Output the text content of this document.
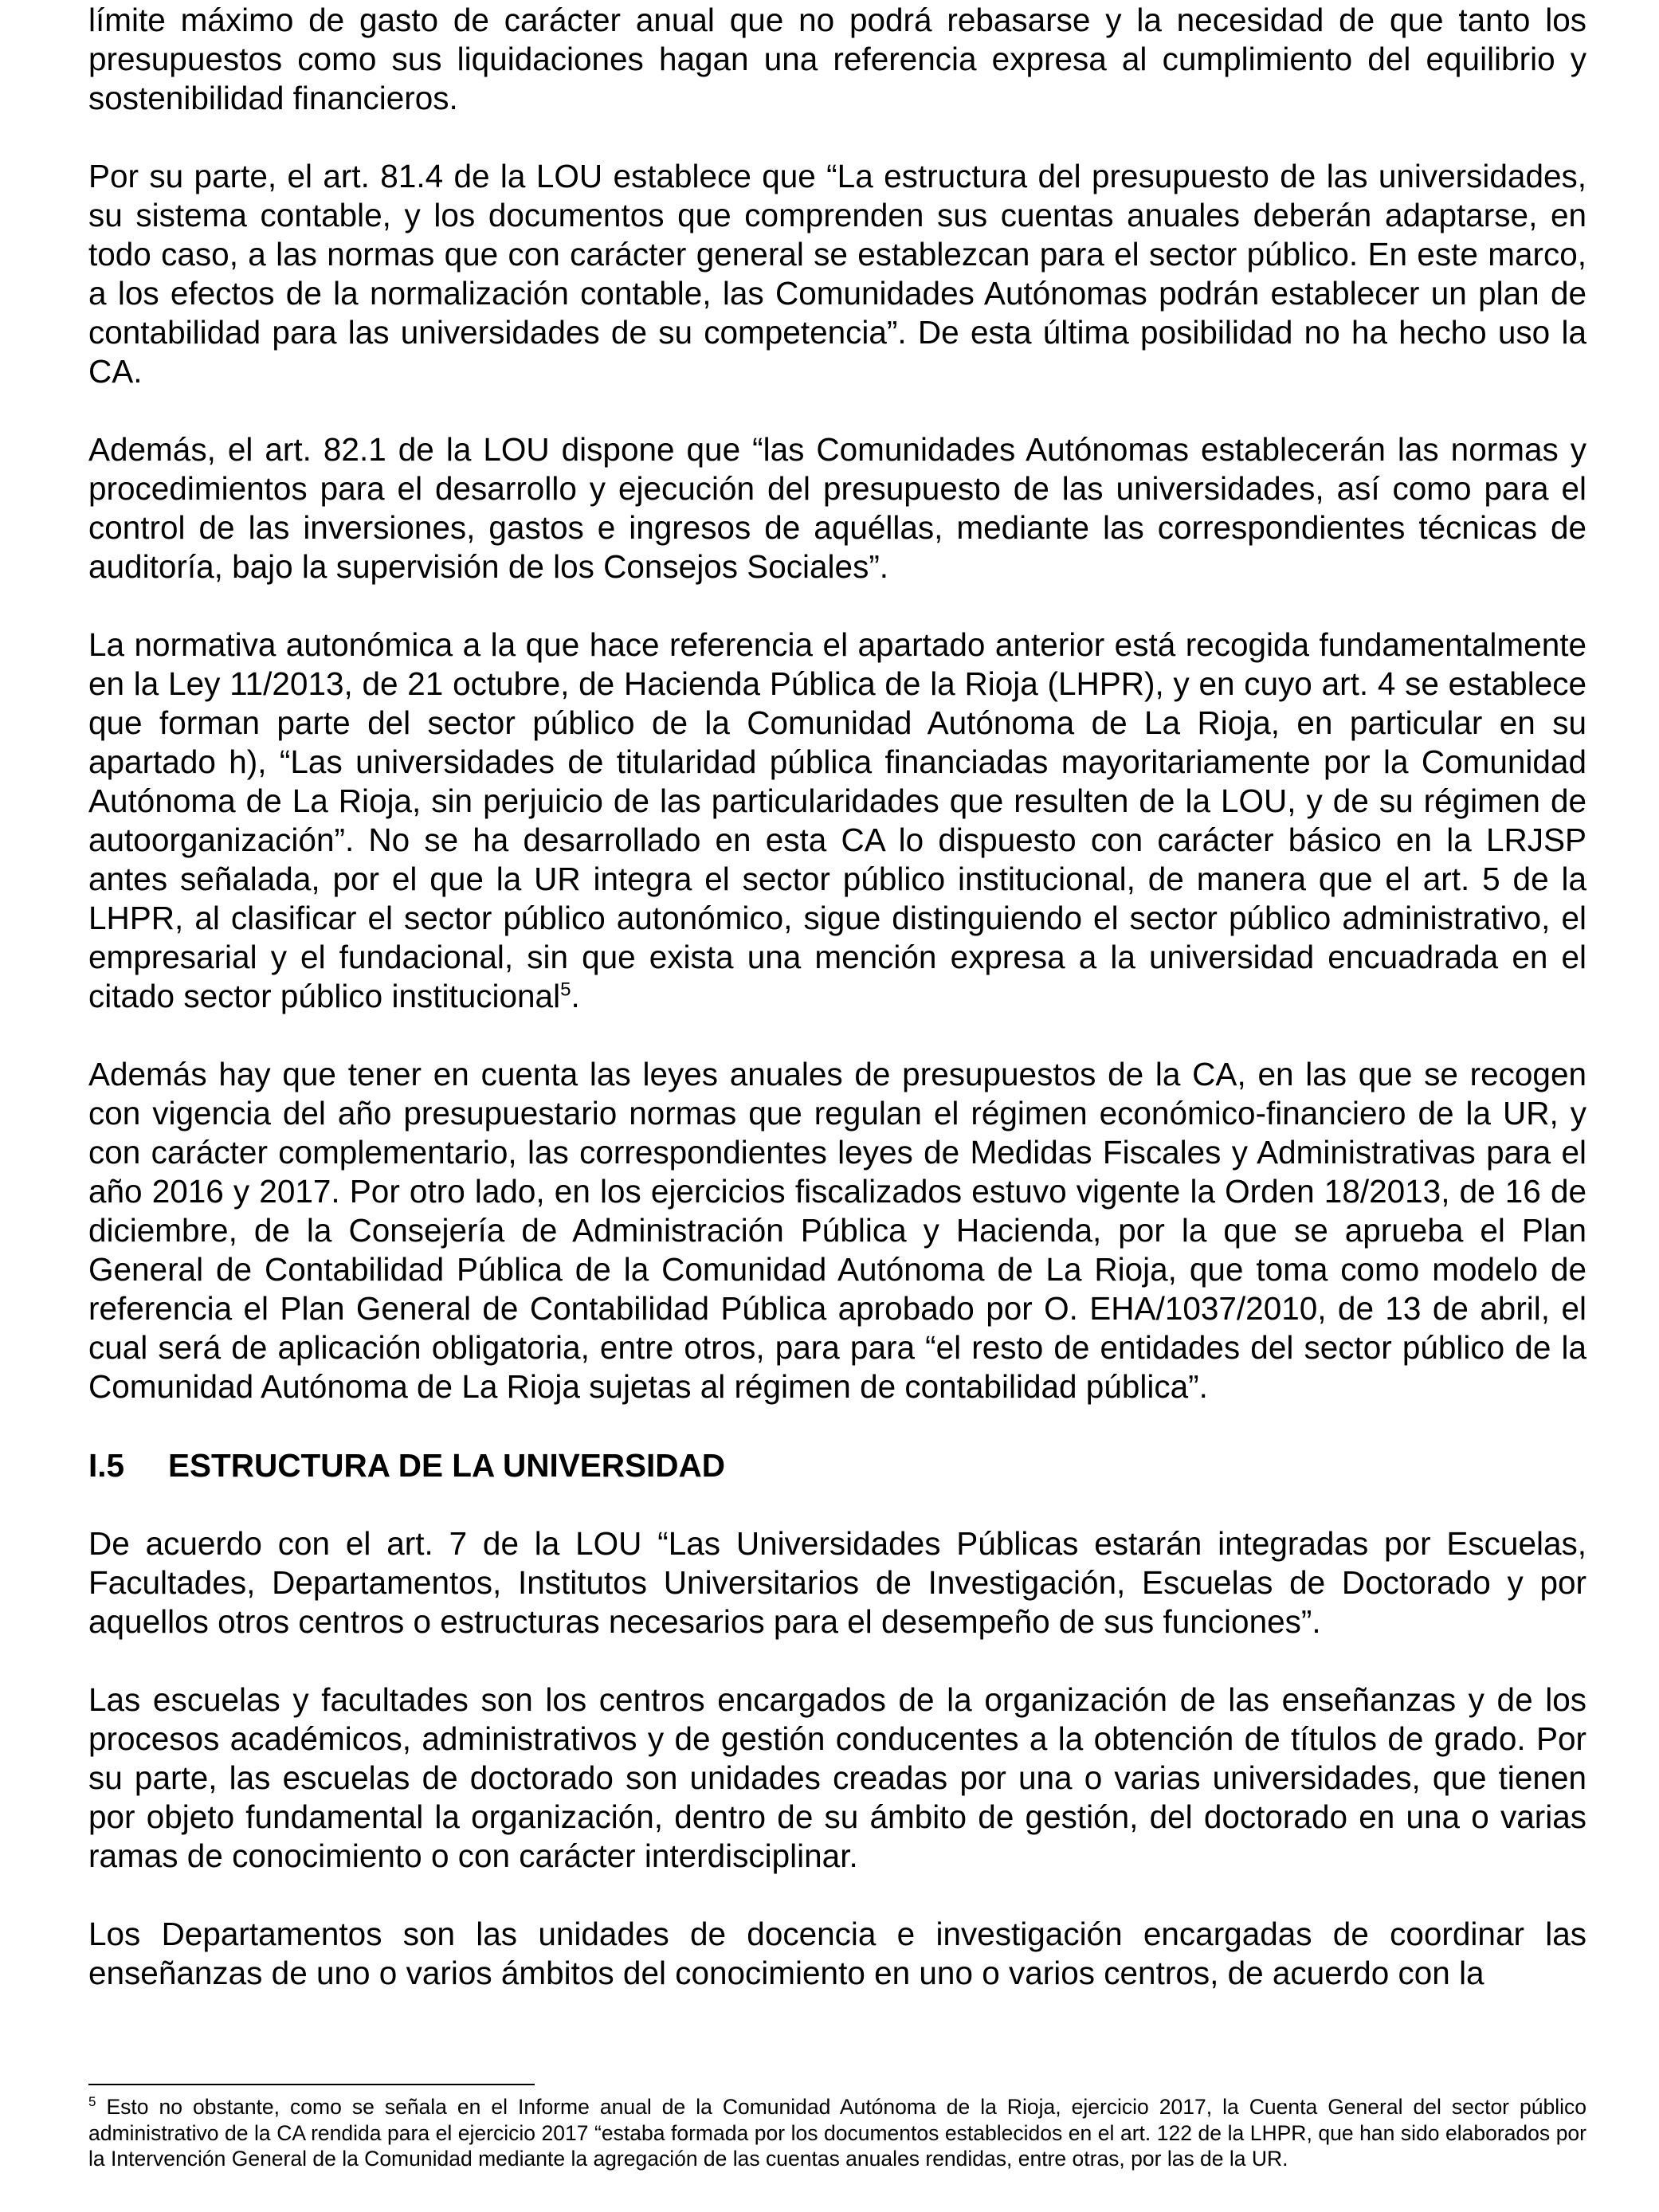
límite máximo de gasto de carácter anual que no podrá rebasarse y la necesidad de que tanto los presupuestos como sus liquidaciones hagan una referencia expresa al cumplimiento del equilibrio y sostenibilidad financieros.

Por su parte, el art. 81.4 de la LOU establece que “La estructura del presupuesto de las universidades, su sistema contable, y los documentos que comprenden sus cuentas anuales deberán adaptarse, en todo caso, a las normas que con carácter general se establezcan para el sector público. En este marco, a los efectos de la normalización contable, las Comunidades Autónomas podrán establecer un plan de contabilidad para las universidades de su competencia”. De esta última posibilidad no ha hecho uso la CA.

Además, el art. 82.1 de la LOU dispone que “las Comunidades Autónomas establecerán las normas y procedimientos para el desarrollo y ejecución del presupuesto de las universidades, así como para el control de las inversiones, gastos e ingresos de aquéllas, mediante las correspondientes técnicas de auditoría, bajo la supervisión de los Consejos Sociales”.

La normativa autonómica a la que hace referencia el apartado anterior está recogida fundamentalmente en la Ley 11/2013, de 21 octubre, de Hacienda Pública de la Rioja (LHPR), y en cuyo art. 4 se establece que forman parte del sector público de la Comunidad Autónoma de La Rioja, en particular en su apartado h), “Las universidades de titularidad pública financiadas mayoritariamente por la Comunidad Autónoma de La Rioja, sin perjuicio de las particularidades que resulten de la LOU, y de su régimen de autoorganización”. No se ha desarrollado en esta CA lo dispuesto con carácter básico en la LRJSP antes señalada, por el que la UR integra el sector público institucional, de manera que el art. 5 de la LHPR, al clasificar el sector público autonómico, sigue distinguiendo el sector público administrativo, el empresarial y el fundacional, sin que exista una mención expresa a la universidad encuadrada en el citado sector público institucional$^5$.

Además hay que tener en cuenta las leyes anuales de presupuestos de la CA, en las que se recogen con vigencia del año presupuestario normas que regulan el régimen económico-financiero de la UR, y con carácter complementario, las correspondientes leyes de Medidas Fiscales y Administrativas para el año 2016 y 2017. Por otro lado, en los ejercicios fiscalizados estuvo vigente la Orden 18/2013, de 16 de diciembre, de la Consejería de Administración Pública y Hacienda, por la que se aprueba el Plan General de Contabilidad Pública de la Comunidad Autónoma de La Rioja, que toma como modelo de referencia el Plan General de Contabilidad Pública aprobado por O. EHA/1037/2010, de 13 de abril, el cual será de aplicación obligatoria, entre otros, para para “el resto de entidades del sector público de la Comunidad Autónoma de La Rioja sujetas al régimen de contabilidad pública”.

I.5 ESTRUCTURA DE LA UNIVERSIDAD

De acuerdo con el art. 7 de la LOU “Las Universidades Públicas estarán integradas por Escuelas, Facultades, Departamentos, Institutos Universitarios de Investigación, Escuelas de Doctorado y por aquellos otros centros o estructuras necesarios para el desempeño de sus funciones”.

Las escuelas y facultades son los centros encargados de la organización de las enseñanzas y de los procesos académicos, administrativos y de gestión conducentes a la obtención de títulos de grado. Por su parte, las escuelas de doctorado son unidades creadas por una o varias universidades, que tienen por objeto fundamental la organización, dentro de su ámbito de gestión, del doctorado en una o varias ramas de conocimiento o con carácter interdisciplinar.

Los Departamentos son las unidades de docencia e investigación encargadas de coordinar las enseñanzas de uno o varios ámbitos del conocimiento en uno o varios centros, de acuerdo con la

$^5$ Esto no obstante, como se señala en el Informe anual de la Comunidad Autónoma de la Rioja, ejercicio 2017, la Cuenta General del sector público administrativo de la CA rendida para el ejercicio 2017 “estaba formada por los documentos establecidos en el art. 122 de la LHPR, que han sido elaborados por la Intervención General de la Comunidad mediante la agregación de las cuentas anuales rendidas, entre otras, por las de la UR.
